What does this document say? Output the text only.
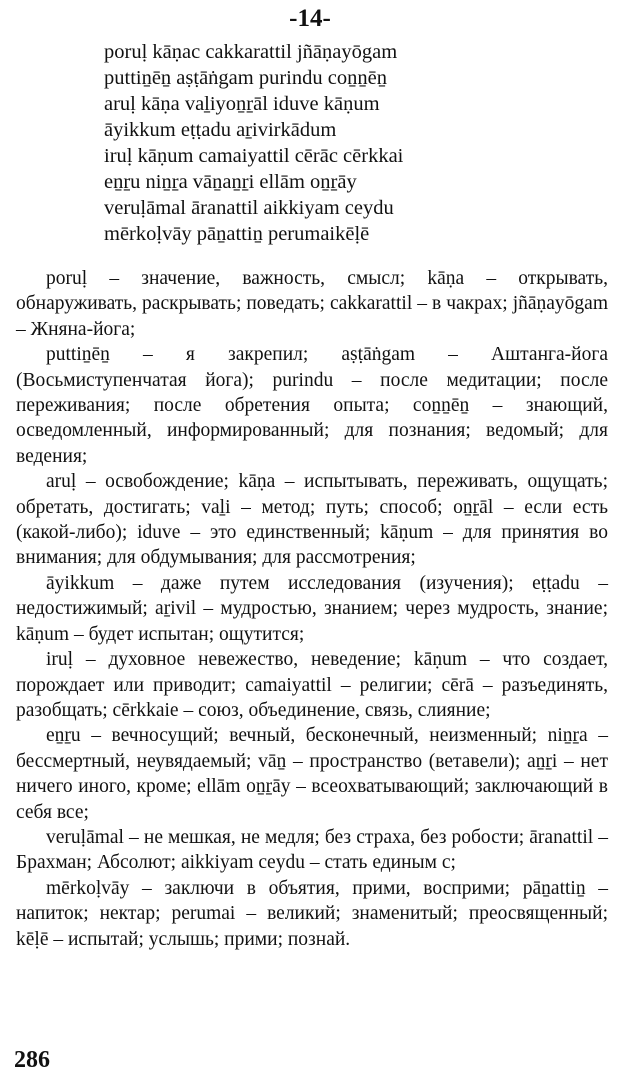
-14-
poruḷ kāṇac cakkarattil jñāṇayōgam
puttiṉēṉ aṣṭāṅgam purindu coṉṉēṉ
aruḷ kāṇa vaḻiyoṉṟāl iduve kāṇum
āyikkum eṭṭadu aṟivirkādum
iruḷ kāṇum camaiyattil cērāc cērkkai
eṉṟu niṉṟa vāṉaṉṟi ellām oṉṟāy
veruḷāmal āranattil aikkiyam ceydu
mērkoḷvāy pāṉattiṉ perumaikēḷē

poruḷ – значение, важность, смысл; kāṇa – открывать, обнаруживать, раскрывать; поведать; cakkarattil – в чакрах; jñāṇayōgam – Жняна-йога;

puttiṉēṉ – я закрепил; aṣṭāṅgam – Аштанга-йога (Восьмиступенчатая йога); purindu – после медитации; после переживания; после обретения опыта; coṉṉēṉ – знающий, осведомленный, информированный; для познания; ведомый; для ведения;

aruḷ – освобождение; kāṇa – испытывать, переживать, ощущать; обретать, достигать; vaḻi – метод; путь; способ; oṉṟāl – если есть (какой-либо); iduve – это единственный; kāṇum – для принятия во внимания; для обдумывания; для рассмотрения;

āyikkum – даже путем исследования (изучения); eṭṭadu – недостижимый; aṟivil – мудростью, знанием; через мудрость, знание; kāṇum – будет испытан; ощутится;

iruḷ – духовное невежество, неведение; kāṇum – что создает, порождает или приводит; camaiyattil – религии; cērā – разъединять, разобщать; cērkkaie – союз, объединение, связь, слияние;

eṉṟu – вечносущий; вечный, бесконечный, неизменный; niṉṟa – бессмертный, неувядаемый; vāṉ – пространство (ветавели); aṉṟi – нет ничего иного, кроме; ellām oṉṟāy – всеохватывающий; заключающий в себя все;

veruḷāmal – не мешкая, не медля; без страха, без робости; āranattil – Брахман; Абсолют; aikkiyam ceydu – стать единым с;

mērkoḷvāy – заключи в объятия, прими, восприми; pāṉattiṉ – напиток; нектар; perumai – великий; знаменитый; преосвященный; kēḷē – испытай; услышь; прими; познай.

286
